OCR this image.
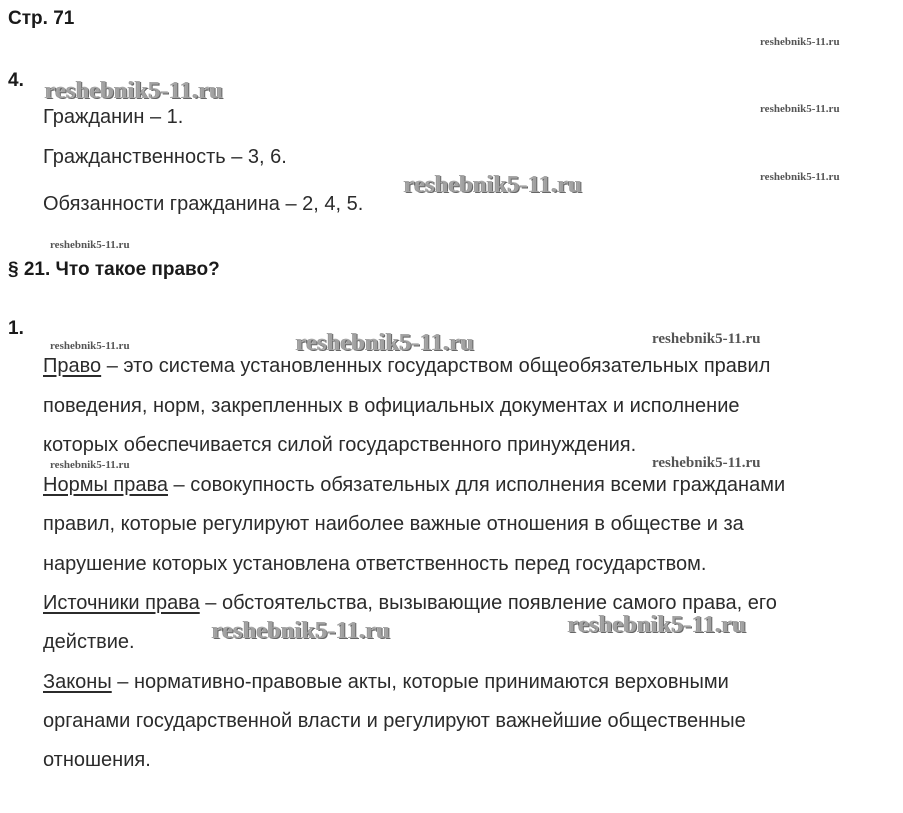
Стр. 71
reshebnik5-11.ru
reshebnik5-11.ru
reshebnik5-11.ru
reshebnik5-11.ru
reshebnik5-11.ru
reshebnik5-11.ru
reshebnik5-11.ru
reshebnik5-11.ru
reshebnik5-11.ru
reshebnik5-11.ru
reshebnik5-11.ru
reshebnik5-11.ru	reshebnik5-11.ru
4.
Гражданин – 1.
Гражданственность – 3, 6.
Обязанности гражданина – 2, 4, 5.
§ 21. Что такое право?
1.
Право – это система установленных государством общеобязательных правил
поведения, норм, закрепленных в официальных документах и исполнение
которых обеспечивается силой государственного принуждения.
Нормы права – совокупность обязательных для исполнения всеми гражданами
правил, которые регулируют наиболее важные отношения в обществе и за
нарушение которых установлена ответственность перед государством.
Источники права – обстоятельства, вызывающие появление самого права, его
действие.
Законы – нормативно-правовые акты, которые принимаются верховными
органами государственной власти и регулируют важнейшие общественные
отношения.
